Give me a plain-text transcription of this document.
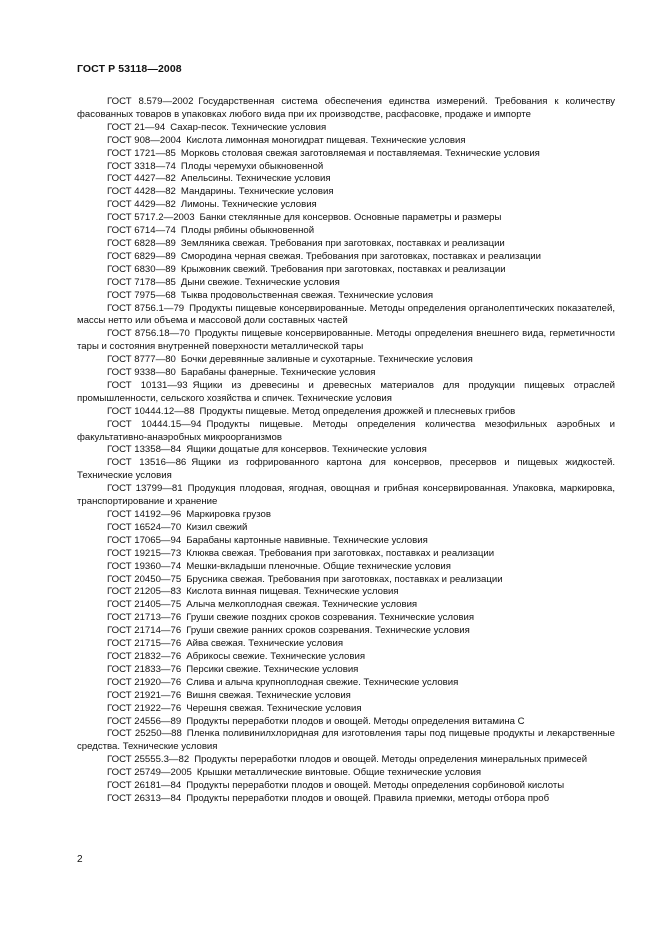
ГОСТ Р 53118—2008

ГОСТ 8.579—2002 Государственная система обеспечения единства измерений. Требования к количеству фасованных товаров в упаковках любого вида при их производстве, расфасовке, продаже и импорте

ГОСТ 21—94 Сахар-песок. Технические условия

ГОСТ 908—2004 Кислота лимонная моногидрат пищевая. Технические условия

ГОСТ 1721—85 Морковь столовая свежая заготовляемая и поставляемая. Технические условия

ГОСТ 3318—74 Плоды черемухи обыкновенной

ГОСТ 4427—82 Апельсины. Технические условия

ГОСТ 4428—82 Мандарины. Технические условия

ГОСТ 4429—82 Лимоны. Технические условия

ГОСТ 5717.2—2003 Банки стеклянные для консервов. Основные параметры и размеры

ГОСТ 6714—74 Плоды рябины обыкновенной

ГОСТ 6828—89 Земляника свежая. Требования при заготовках, поставках и реализации

ГОСТ 6829—89 Смородина черная свежая. Требования при заготовках, поставках и реализации

ГОСТ 6830—89 Крыжовник свежий. Требования при заготовках, поставках и реализации

ГОСТ 7178—85 Дыни свежие. Технические условия

ГОСТ 7975—68 Тыква продовольственная свежая. Технические условия

ГОСТ 8756.1—79 Продукты пищевые консервированные. Методы определения органолептических показателей, массы нетто или объема и массовой доли составных частей

ГОСТ 8756.18—70 Продукты пищевые консервированные. Методы определения внешнего вида, герметичности тары и состояния внутренней поверхности металлической тары

ГОСТ 8777—80 Бочки деревянные заливные и сухотарные. Технические условия

ГОСТ 9338—80 Барабаны фанерные. Технические условия

ГОСТ 10131—93 Ящики из древесины и древесных материалов для продукции пищевых отраслей промышленности, сельского хозяйства и спичек. Технические условия

ГОСТ 10444.12—88 Продукты пищевые. Метод определения дрожжей и плесневых грибов

ГОСТ 10444.15—94 Продукты пищевые. Методы определения количества мезофильных аэробных и факультативно-анаэробных микроорганизмов

ГОСТ 13358—84 Ящики дощатые для консервов. Технические условия

ГОСТ 13516—86 Ящики из гофрированного картона для консервов, пресервов и пищевых жидкостей. Технические условия

ГОСТ 13799—81 Продукция плодовая, ягодная, овощная и грибная консервированная. Упаковка, маркировка, транспортирование и хранение

ГОСТ 14192—96 Маркировка грузов

ГОСТ 16524—70 Кизил свежий

ГОСТ 17065—94 Барабаны картонные навивные. Технические условия

ГОСТ 19215—73 Клюква свежая. Требования при заготовках, поставках и реализации

ГОСТ 19360—74 Мешки-вкладыши пленочные. Общие технические условия

ГОСТ 20450—75 Брусника свежая. Требования при заготовках, поставках и реализации

ГОСТ 21205—83 Кислота винная пищевая. Технические условия

ГОСТ 21405—75 Алыча мелкоплодная свежая. Технические условия

ГОСТ 21713—76 Груши свежие поздних сроков созревания. Технические условия

ГОСТ 21714—76 Груши свежие ранних сроков созревания. Технические условия

ГОСТ 21715—76 Айва свежая. Технические условия

ГОСТ 21832—76 Абрикосы свежие. Технические условия

ГОСТ 21833—76 Персики свежие. Технические условия

ГОСТ 21920—76 Слива и алыча крупноплодная свежие. Технические условия

ГОСТ 21921—76 Вишня свежая. Технические условия

ГОСТ 21922—76 Черешня свежая. Технические условия

ГОСТ 24556—89 Продукты переработки плодов и овощей. Методы определения витамина С

ГОСТ 25250—88 Пленка поливинилхлоридная для изготовления тары под пищевые продукты и лекарственные средства. Технические условия

ГОСТ 25555.3—82 Продукты переработки плодов и овощей. Методы определения минеральных примесей

ГОСТ 25749—2005 Крышки металлические винтовые. Общие технические условия

ГОСТ 26181—84 Продукты переработки плодов и овощей. Методы определения сорбиновой кислоты

ГОСТ 26313—84 Продукты переработки плодов и овощей. Правила приемки, методы отбора проб

2
